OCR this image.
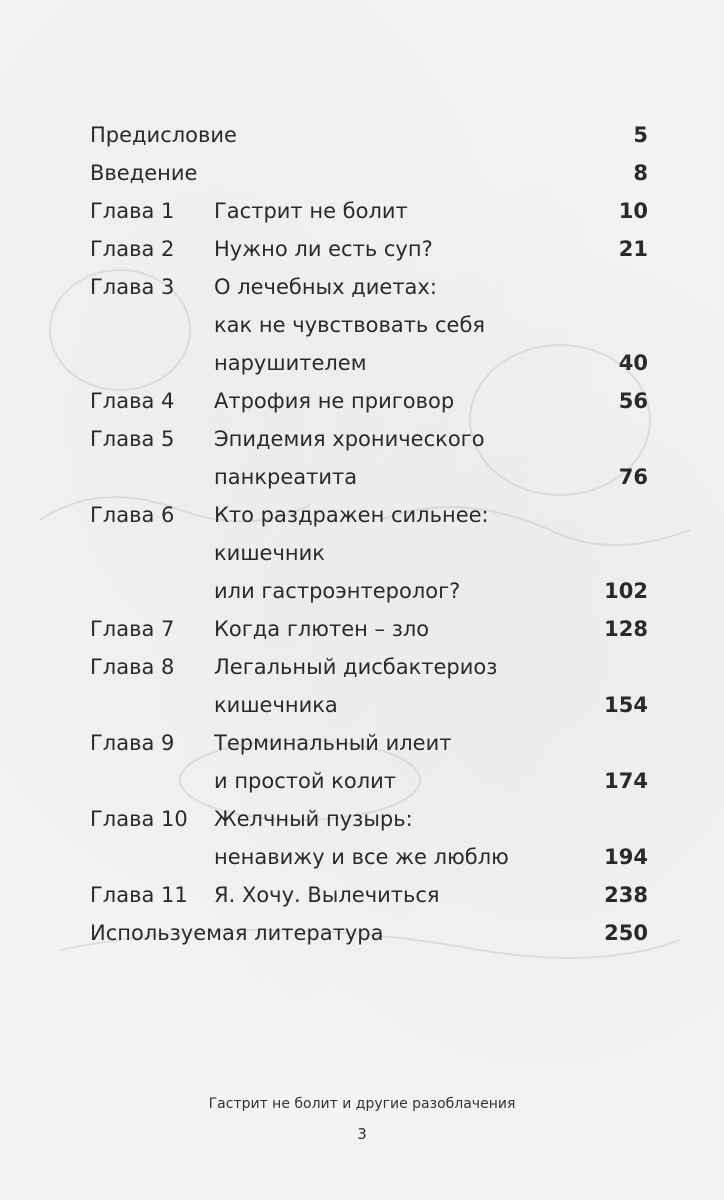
Предисловие	5
Введение	8
Глава 1 Гастрит не болит	10
Глава 2 Нужно ли есть суп?	21
Глава 3 О лечебных диетах:
как не чувствовать себя
нарушителем	40
Глава 4 Атрофия не приговор	56
Глава 5 Эпидемия хронического
панкреатита	76
Глава 6 Кто раздражен сильнее:
кишечник
или гастроэнтеролог?	102
Глава 7 Когда глютен – зло	128
Глава 8 Легальный дисбактериоз
кишечника	154
Глава 9 Терминальный илеит
и простой колит	174
Глава 10 Желчный пузырь:
ненавижу и все же люблю	194
Глава 11 Я. Хочу. Вылечиться	238
Используемая литература	250
Гастрит не болит и другие разоблачения
3
